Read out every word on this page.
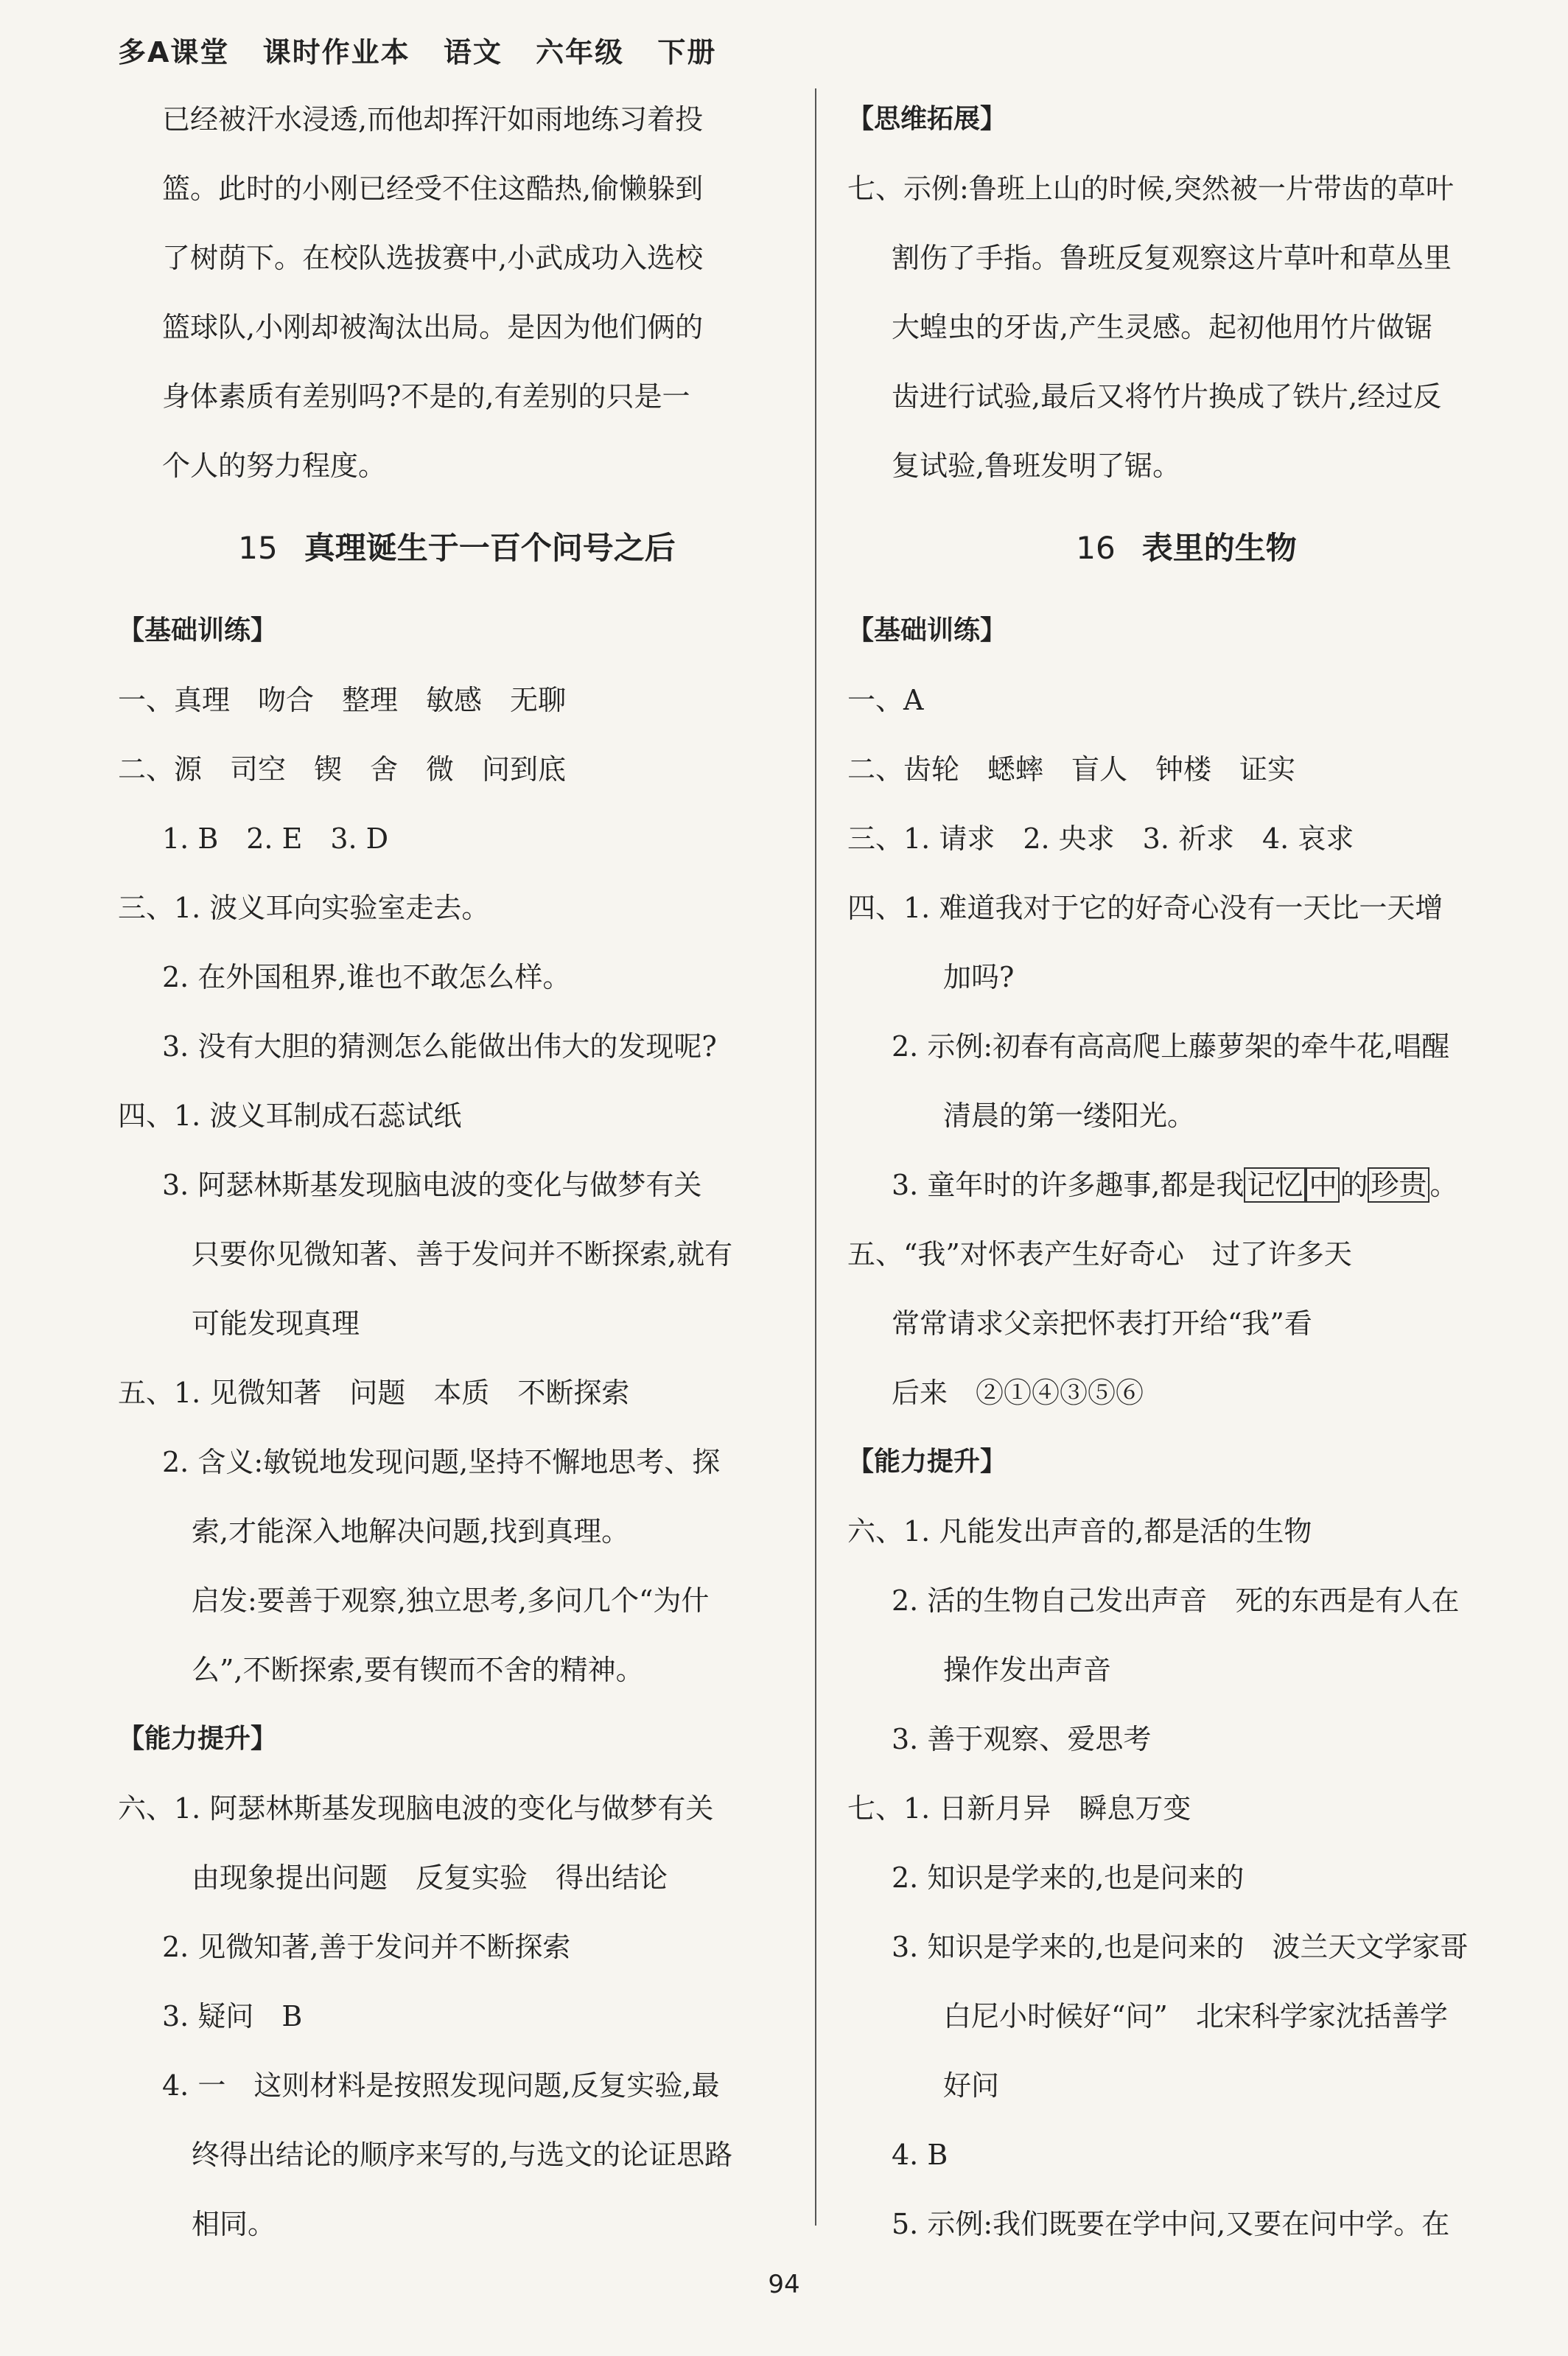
多A课堂 课时作业本 语文 六年级 下册
已经被汗水浸透,而他却挥汗如雨地练习着投
篮。此时的小刚已经受不住这酷热,偷懒躲到
了树荫下。在校队选拔赛中,小武成功入选校
篮球队,小刚却被淘汰出局。是因为他们俩的
身体素质有差别吗?不是的,有差别的只是一
个人的努力程度。
15 真理诞生于一百个问号之后
【基础训练】
一、真理　吻合　整理　敏感　无聊
二、源　司空　锲　舍　微　问到底
1. B　2. E　3. D
三、1. 波义耳向实验室走去。
2. 在外国租界,谁也不敢怎么样。
3. 没有大胆的猜测怎么能做出伟大的发现呢?
四、1. 波义耳制成石蕊试纸
3. 阿瑟林斯基发现脑电波的变化与做梦有关
只要你见微知著、善于发问并不断探索,就有
可能发现真理
五、1. 见微知著　问题　本质　不断探索
2. 含义:敏锐地发现问题,坚持不懈地思考、探
索,才能深入地解决问题,找到真理。
启发:要善于观察,独立思考,多问几个“为什
么”,不断探索,要有锲而不舍的精神。
【能力提升】
六、1. 阿瑟林斯基发现脑电波的变化与做梦有关
由现象提出问题　反复实验　得出结论
2. 见微知著,善于发问并不断探索
3. 疑问　B
4. 一　这则材料是按照发现问题,反复实验,最
终得出结论的顺序来写的,与选文的论证思路
相同。
【思维拓展】
七、示例:鲁班上山的时候,突然被一片带齿的草叶
割伤了手指。鲁班反复观察这片草叶和草丛里
大蝗虫的牙齿,产生灵感。起初他用竹片做锯
齿进行试验,最后又将竹片换成了铁片,经过反
复试验,鲁班发明了锯。
16 表里的生物
【基础训练】
一、A
二、齿轮　蟋蟀　盲人　钟楼　证实
三、1. 请求　2. 央求　3. 祈求　4. 哀求
四、1. 难道我对于它的好奇心没有一天比一天增
加吗?
2. 示例:初春有高高爬上藤萝架的牵牛花,唱醒
清晨的第一缕阳光。
3. 童年时的许多趣事,都是我 记忆 中 的 珍贵 。
五、“我”对怀表产生好奇心　过了许多天
常常请求父亲把怀表打开给“我”看
后来　②①④③⑤⑥
【能力提升】
六、1. 凡能发出声音的,都是活的生物
2. 活的生物自己发出声音　死的东西是有人在
操作发出声音
3. 善于观察、爱思考
七、1. 日新月异　瞬息万变
2. 知识是学来的,也是问来的
3. 知识是学来的,也是问来的　波兰天文学家哥
白尼小时候好“问”　北宋科学家沈括善学
好问
4. B
5. 示例:我们既要在学中问,又要在问中学。在
94
